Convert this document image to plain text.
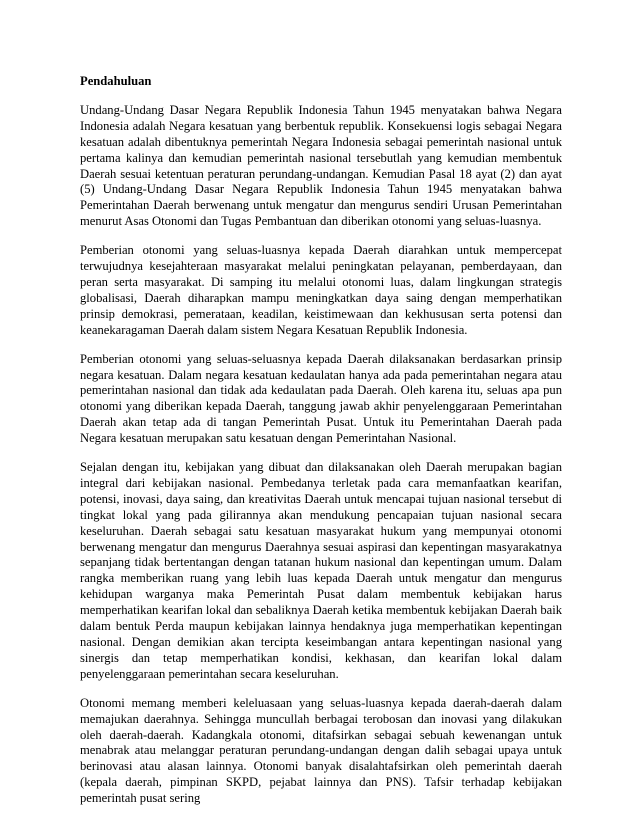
Pendahuluan

Undang-Undang Dasar Negara Republik Indonesia Tahun 1945 menyatakan bahwa Negara Indonesia adalah Negara kesatuan yang berbentuk republik. Konsekuensi logis sebagai Negara kesatuan adalah dibentuknya pemerintah Negara Indonesia sebagai pemerintah nasional untuk pertama kalinya dan kemudian pemerintah nasional tersebutlah yang kemudian membentuk Daerah sesuai ketentuan peraturan perundang-undangan. Kemudian Pasal 18 ayat (2) dan ayat (5) Undang-Undang Dasar Negara Republik Indonesia Tahun 1945 menyatakan bahwa Pemerintahan Daerah berwenang untuk mengatur dan mengurus sendiri Urusan Pemerintahan menurut Asas Otonomi dan Tugas Pembantuan dan diberikan otonomi yang seluas-luasnya.

Pemberian otonomi yang seluas-luasnya kepada Daerah diarahkan untuk mempercepat terwujudnya kesejahteraan masyarakat melalui peningkatan pelayanan, pemberdayaan, dan peran serta masyarakat. Di samping itu melalui otonomi luas, dalam lingkungan strategis globalisasi, Daerah diharapkan mampu meningkatkan daya saing dengan memperhatikan prinsip demokrasi, pemerataan, keadilan, keistimewaan dan kekhususan serta potensi dan keanekaragaman Daerah dalam sistem Negara Kesatuan Republik Indonesia.

Pemberian otonomi yang seluas-seluasnya kepada Daerah dilaksanakan berdasarkan prinsip negara kesatuan. Dalam negara kesatuan kedaulatan hanya ada pada pemerintahan negara atau pemerintahan nasional dan tidak ada kedaulatan pada Daerah. Oleh karena itu, seluas apa pun otonomi yang diberikan kepada Daerah, tanggung jawab akhir penyelenggaraan Pemerintahan Daerah akan tetap ada di tangan Pemerintah Pusat. Untuk itu Pemerintahan Daerah pada Negara kesatuan merupakan satu kesatuan dengan Pemerintahan Nasional.

Sejalan dengan itu, kebijakan yang dibuat dan dilaksanakan oleh Daerah merupakan bagian integral dari kebijakan nasional. Pembedanya terletak pada cara memanfaatkan kearifan, potensi, inovasi, daya saing, dan kreativitas Daerah untuk mencapai tujuan nasional tersebut di tingkat lokal yang pada gilirannya akan mendukung pencapaian tujuan nasional secara keseluruhan. Daerah sebagai satu kesatuan masyarakat hukum yang mempunyai otonomi berwenang mengatur dan mengurus Daerahnya sesuai aspirasi dan kepentingan masyarakatnya sepanjang tidak bertentangan dengan tatanan hukum nasional dan kepentingan umum. Dalam rangka memberikan ruang yang lebih luas kepada Daerah untuk mengatur dan mengurus kehidupan warganya maka Pemerintah Pusat dalam membentuk kebijakan harus memperhatikan kearifan lokal dan sebaliknya Daerah ketika membentuk kebijakan Daerah baik dalam bentuk Perda maupun kebijakan lainnya hendaknya juga memperhatikan kepentingan nasional. Dengan demikian akan tercipta keseimbangan antara kepentingan nasional yang sinergis dan tetap memperhatikan kondisi, kekhasan, dan kearifan lokal dalam penyelenggaraan pemerintahan secara keseluruhan.

Otonomi memang memberi keleluasaan yang seluas-luasnya kepada daerah-daerah dalam memajukan daerahnya. Sehingga muncullah berbagai terobosan dan inovasi yang dilakukan oleh daerah-daerah. Kadangkala otonomi, ditafsirkan sebagai sebuah kewenangan untuk menabrak atau melanggar peraturan perundang-undangan dengan dalih sebagai upaya untuk berinovasi atau alasan lainnya. Otonomi banyak disalahtafsirkan oleh pemerintah daerah (kepala daerah, pimpinan SKPD, pejabat lainnya dan PNS). Tafsir terhadap kebijakan pemerintah pusat sering
